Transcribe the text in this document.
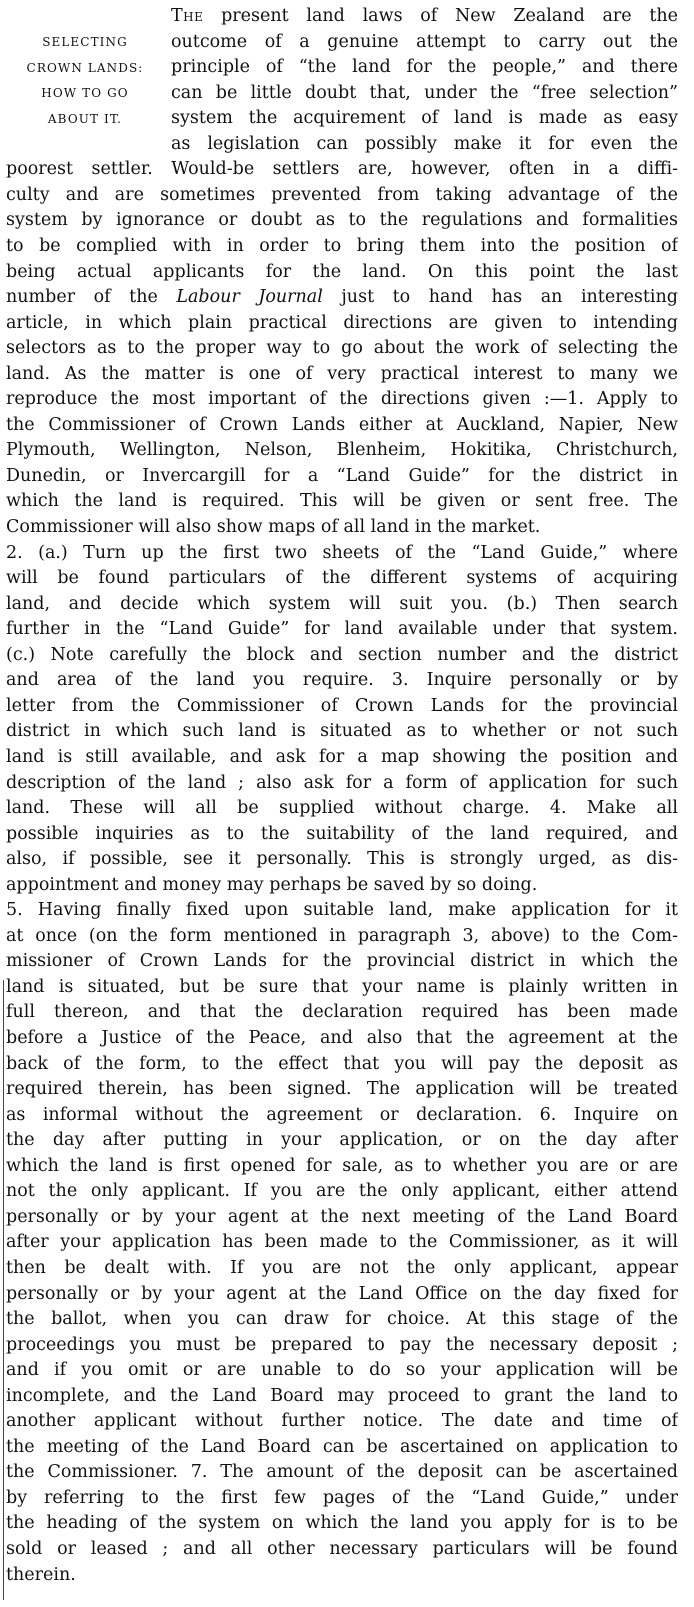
SELECTING
CROWN LANDS:
HOW TO GO
ABOUT IT.
The present land laws of New Zealand are the
outcome of a genuine attempt to carry out the
principle of “the land for the people,” and there
can be little doubt that, under the “free selection”
system the acquirement of land is made as easy
as legislation can possibly make it for even the
poorest settler. Would-be settlers are, however, often in a diffi-
culty and are sometimes prevented from taking advantage of the
system by ignorance or doubt as to the regulations and formalities
to be complied with in order to bring them into the position of
being actual applicants for the land. On this point the last
number of the Labour Journal just to hand has an interesting
article, in which plain practical directions are given to intending
selectors as to the proper way to go about the work of selecting the
land. As the matter is one of very practical interest to many we
reproduce the most important of the directions given :—1. Apply to
the Commissioner of Crown Lands either at Auckland, Napier, New
Plymouth, Wellington, Nelson, Blenheim, Hokitika, Christchurch,
Dunedin, or Invercargill for a “Land Guide” for the district in
which the land is required. This will be given or sent free. The
Commissioner will also show maps of all land in the market.
2. (a.) Turn up the first two sheets of the “Land Guide,” where
will be found particulars of the different systems of acquiring
land, and decide which system will suit you. (b.) Then search
further in the “Land Guide” for land available under that system.
(c.) Note carefully the block and section number and the district
and area of the land you require. 3. Inquire personally or by
letter from the Commissioner of Crown Lands for the provincial
district in which such land is situated as to whether or not such
land is still available, and ask for a map showing the position and
description of the land ; also ask for a form of application for such
land. These will all be supplied without charge. 4. Make all
possible inquiries as to the suitability of the land required, and
also, if possible, see it personally. This is strongly urged, as dis-
appointment and money may perhaps be saved by so doing.
5. Having finally fixed upon suitable land, make application for it
at once (on the form mentioned in paragraph 3, above) to the Com-
missioner of Crown Lands for the provincial district in which the
land is situated, but be sure that your name is plainly written in
full thereon, and that the declaration required has been made
before a Justice of the Peace, and also that the agreement at the
back of the form, to the effect that you will pay the deposit as
required therein, has been signed. The application will be treated
as informal without the agreement or declaration. 6. Inquire on
the day after putting in your application, or on the day after
which the land is first opened for sale, as to whether you are or are
not the only applicant. If you are the only applicant, either attend
personally or by your agent at the next meeting of the Land Board
after your application has been made to the Commissioner, as it will
then be dealt with. If you are not the only applicant, appear
personally or by your agent at the Land Office on the day fixed for
the ballot, when you can draw for choice. At this stage of the
proceedings you must be prepared to pay the necessary deposit ;
and if you omit or are unable to do so your application will be
incomplete, and the Land Board may proceed to grant the land to
another applicant without further notice. The date and time of
the meeting of the Land Board can be ascertained on application to
the Commissioner. 7. The amount of the deposit can be ascertained
by referring to the first few pages of the “Land Guide,” under
the heading of the system on which the land you apply for is to be
sold or leased ; and all other necessary particulars will be found
therein.
